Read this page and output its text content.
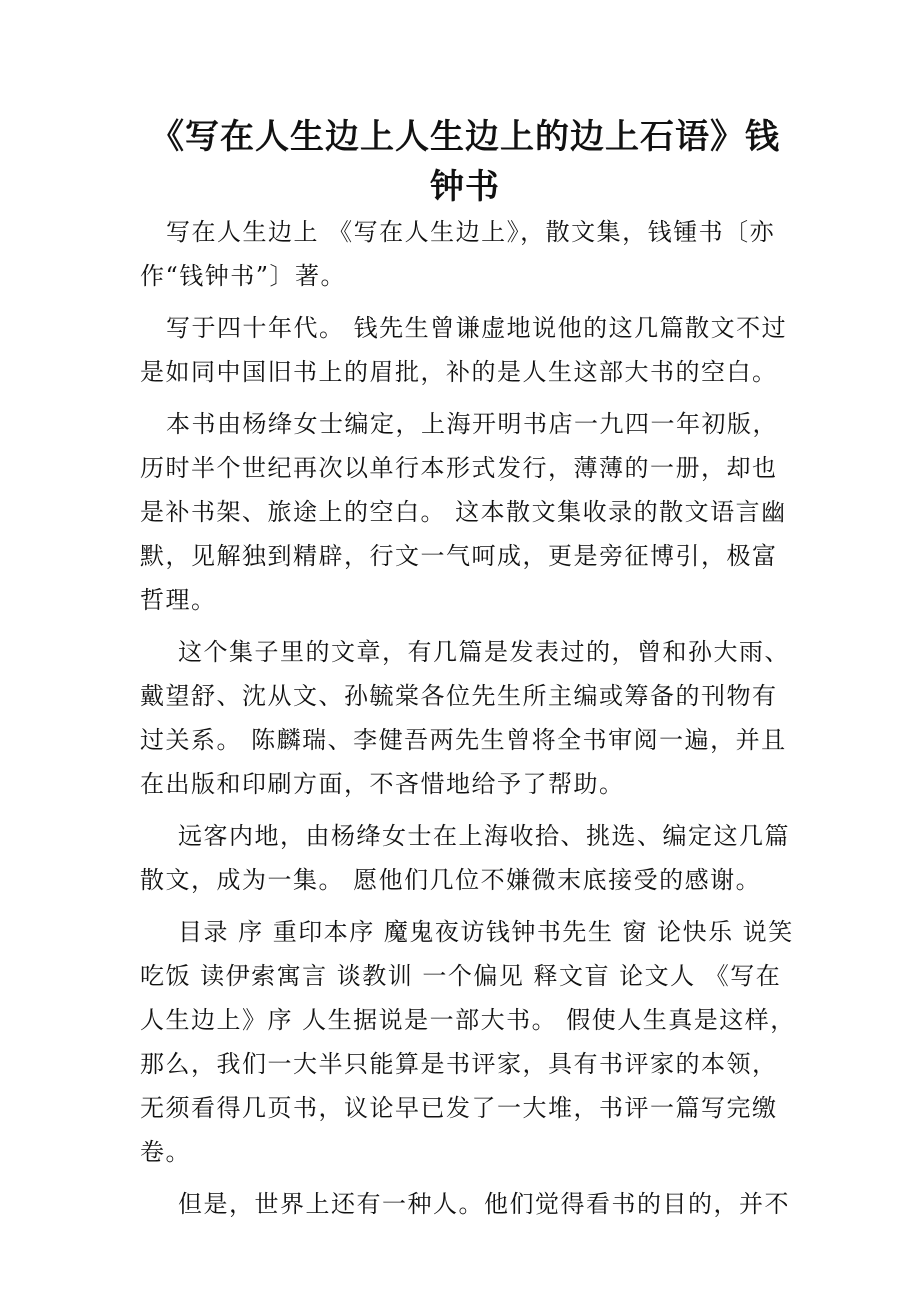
《写在人生边上人生边上的边上石语》钱钟书

写在人生边上 《写在人生边上》，散文集，钱锺书〔亦作“钱钟书”〕著。

写于四十年代。 钱先生曾谦虚地说他的这几篇散文不过是如同中国旧书上的眉批，补的是人生这部大书的空白。

本书由杨绛女士编定，上海开明书店一九四一年初版，历时半个世纪再次以单行本形式发行，薄薄的一册，却也是补书架、旅途上的空白。 这本散文集收录的散文语言幽默，见解独到精辟，行文一气呵成，更是旁征博引，极富哲理。

这个集子里的文章，有几篇是发表过的，曾和孙大雨、戴望舒、沈从文、孙毓棠各位先生所主编或筹备的刊物有过关系。 陈麟瑞、李健吾两先生曾将全书审阅一遍，并且在出版和印刷方面，不吝惜地给予了帮助。

远客内地，由杨绛女士在上海收拾、挑选、编定这几篇散文，成为一集。 愿他们几位不嫌微末底接受的感谢。

目录 序 重印本序 魔鬼夜访钱钟书先生 窗 论快乐 说笑 吃饭 读伊索寓言 谈教训 一个偏见 释文盲 论文人 《写在人生边上》序 人生据说是一部大书。 假使人生真是这样，那么，我们一大半只能算是书评家，具有书评家的本领，无须看得几页书，议论早已发了一大堆，书评一篇写完缴卷。

但是，世界上还有一种人。他们觉得看书的目的，并不
